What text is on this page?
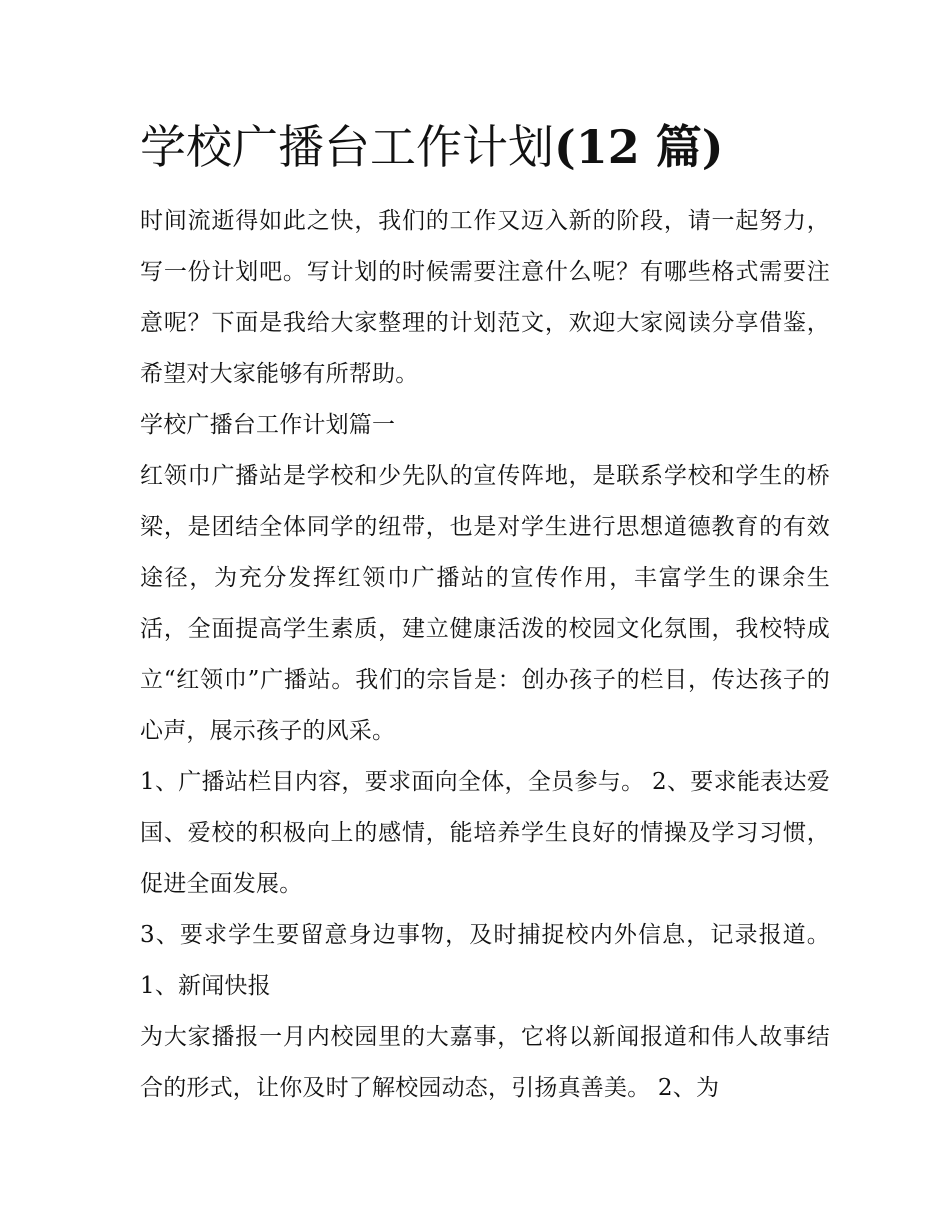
学校广播台工作计划(12 篇)

时间流逝得如此之快，我们的工作又迈入新的阶段，请一起努力，写一份计划吧。写计划的时候需要注意什么呢？有哪些格式需要注意呢？下面是我给大家整理的计划范文，欢迎大家阅读分享借鉴，希望对大家能够有所帮助。

学校广播台工作计划篇一

红领巾广播站是学校和少先队的宣传阵地，是联系学校和学生的桥梁，是团结全体同学的纽带，也是对学生进行思想道德教育的有效途径，为充分发挥红领巾广播站的宣传作用，丰富学生的课余生活，全面提高学生素质，建立健康活泼的校园文化氛围，我校特成立“红领巾”广播站。我们的宗旨是：创办孩子的栏目，传达孩子的心声，展示孩子的风采。

1、广播站栏目内容，要求面向全体，全员参与。 2、要求能表达爱国、爱校的积极向上的感情，能培养学生良好的情操及学习习惯，促进全面发展。

3、要求学生要留意身边事物，及时捕捉校内外信息，记录报道。 1、新闻快报

为大家播报一月内校园里的大嘉事，它将以新闻报道和伟人故事结合的形式，让你及时了解校园动态，引扬真善美。 2、为
